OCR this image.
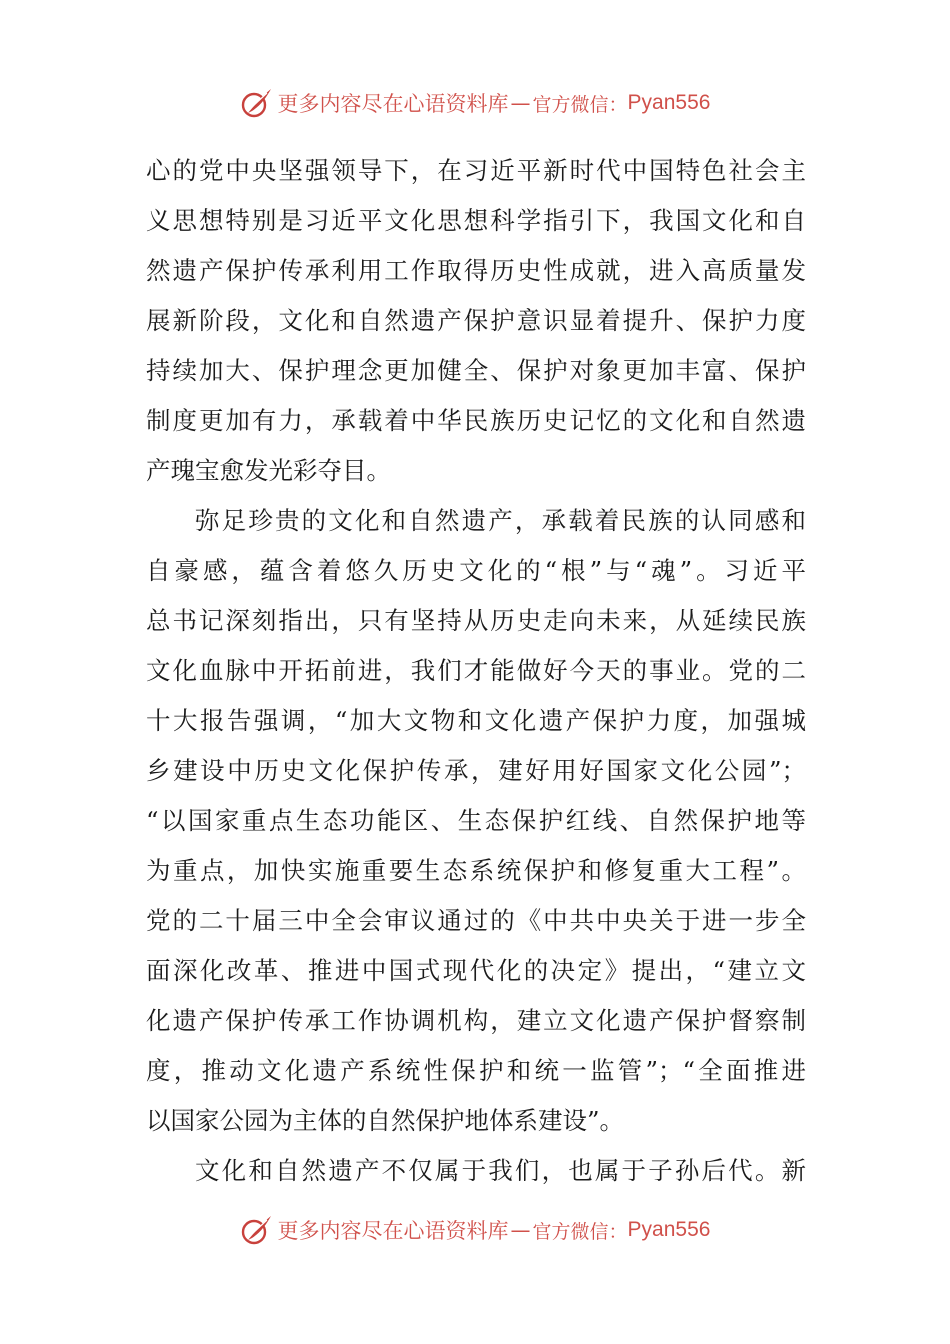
更多内容尽在心语资料库 — 官方微信： Pyan556
心的党中央坚强领导下，在习近平新时代中国特色社会主
义思想特别是习近平文化思想科学指引下，我国文化和自
然遗产保护传承利用工作取得历史性成就，进入高质量发
展新阶段，文化和自然遗产保护意识显着提升、保护力度
持续加大、保护理念更加健全、保护对象更加丰富、保护
制度更加有力，承载着中华民族历史记忆的文化和自然遗
产瑰宝愈发光彩夺目。
弥足珍贵的文化和自然遗产，承载着民族的认同感和
自豪感，蕴含着悠久历史文化的“根”与“魂”。习近平
总书记深刻指出，只有坚持从历史走向未来，从延续民族
文化血脉中开拓前进，我们才能做好今天的事业。党的二
十大报告强调，“加大文物和文化遗产保护力度，加强城
乡建设中历史文化保护传承，建好用好国家文化公园”；
“以国家重点生态功能区、生态保护红线、自然保护地等
为重点，加快实施重要生态系统保护和修复重大工程”。
党的二十届三中全会审议通过的《中共中央关于进一步全
面深化改革、推进中国式现代化的决定》提出，“建立文
化遗产保护传承工作协调机构，建立文化遗产保护督察制
度，推动文化遗产系统性保护和统一监管”；“全面推进
以国家公园为主体的自然保护地体系建设”。
文化和自然遗产不仅属于我们，也属于子孙后代。新
更多内容尽在心语资料库 — 官方微信： Pyan556
